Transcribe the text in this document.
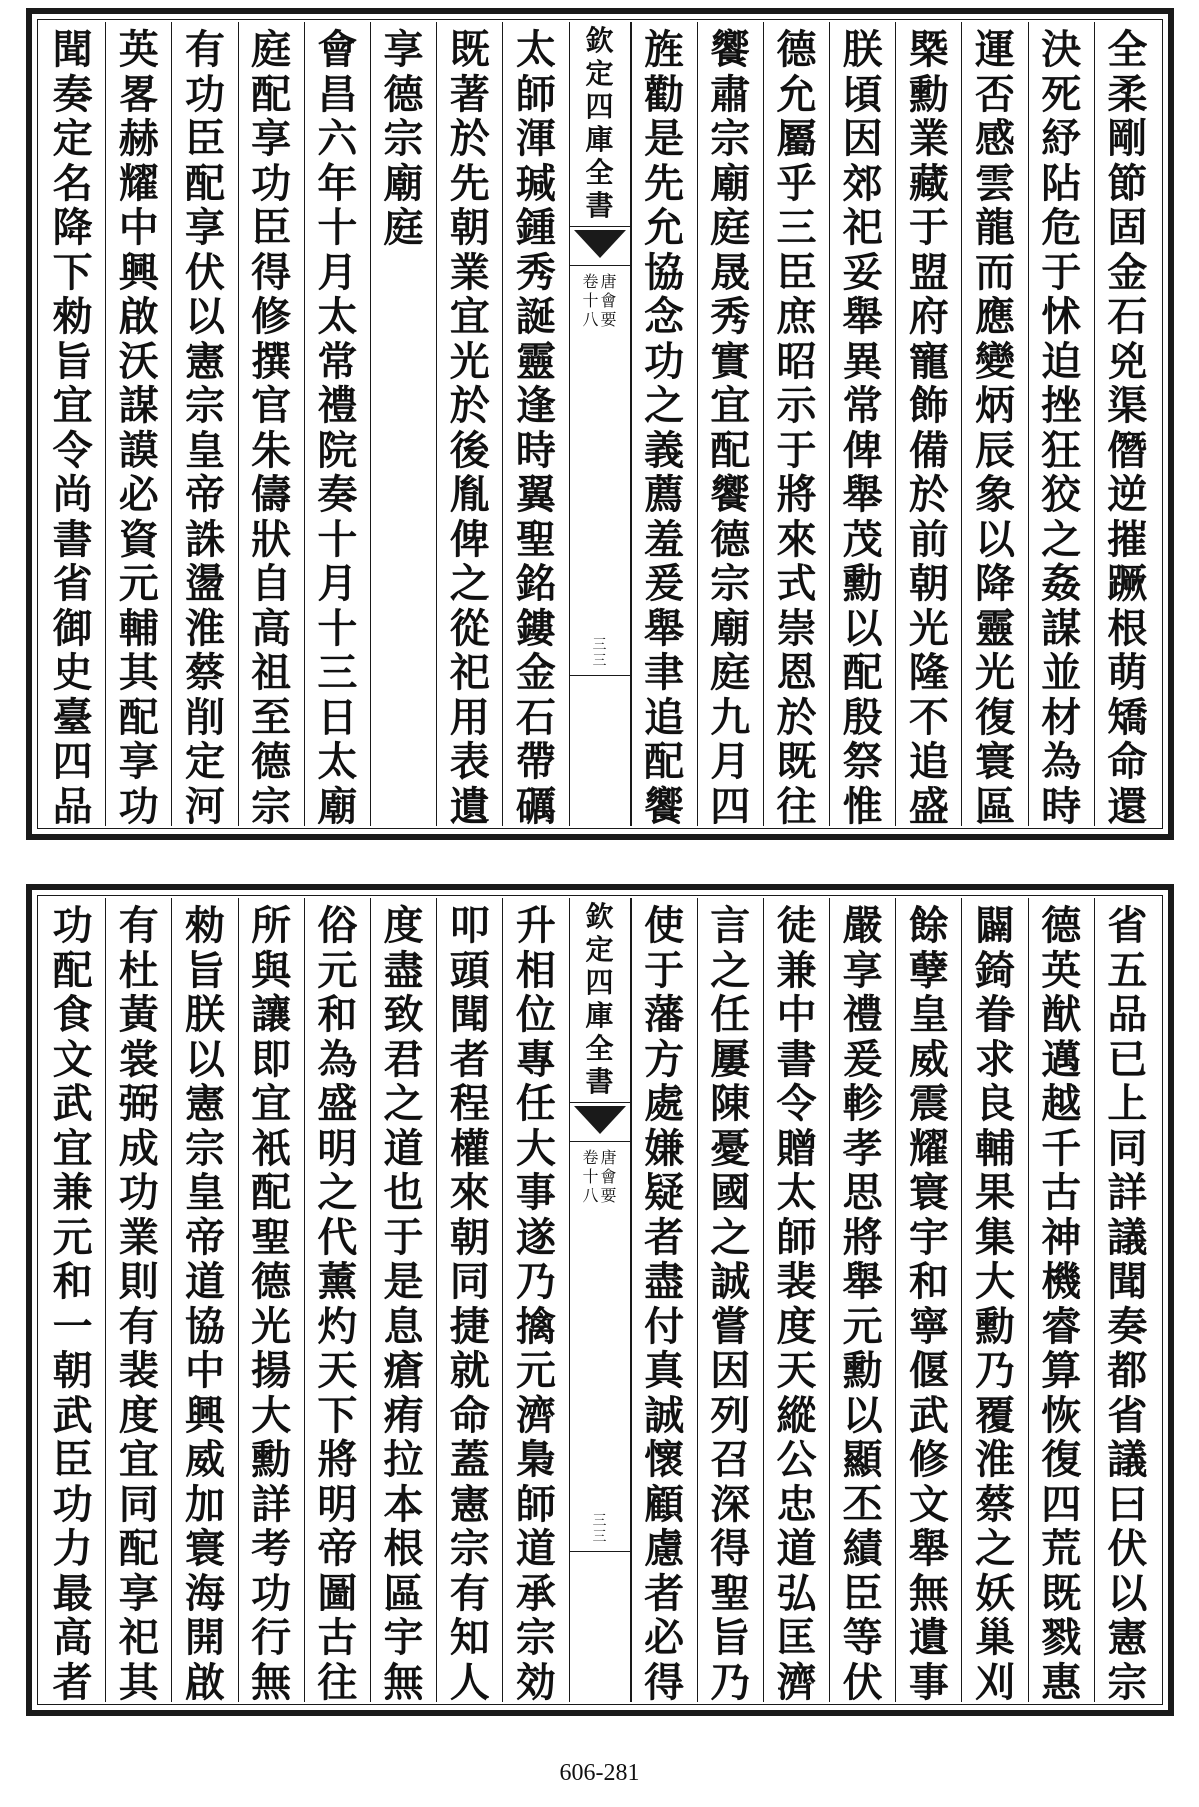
全
柔
剛
節
固
金
石
兇
渠
僭
逆
摧
蹶
根
萌
矯
命
還
決
死
紓
阽
危
于
怵
迫
挫
狂
狡
之
姦
謀
並
材
為
時
運
否
感
雲
龍
而
應
變
炳
辰
象
以
降
靈
光
復
寰
區
槩
勳
業
藏
于
盟
府
寵
飾
備
於
前
朝
光
隆
不
追
盛
朕
頃
因
郊
祀
妥
舉
異
常
俾
舉
茂
勳
以
配
殷
祭
惟
德
允
屬
乎
三
臣
庶
昭
示
于
將
來
式
崇
恩
於
既
往
饗
肅
宗
廟
庭
晟
秀
實
宜
配
饗
德
宗
廟
庭
九
月
四
旌
勸
是
先
允
協
念
功
之
義
薦
羞
爰
舉
聿
追
配
饗
欽
定
四
庫
全
書
唐
會
要
卷
十
八
三
三
太
師
渾
瑊
鍾
秀
誕
靈
逢
時
翼
聖
銘
鏤
金
石
帶
礪
既
著
於
先
朝
業
宜
光
於
後
胤
俾
之
從
祀
用
表
遺
享
德
宗
廟
庭
會
昌
六
年
十
月
太
常
禮
院
奏
十
月
十
三
日
太
廟
庭
配
享
功
臣
得
修
撰
官
朱
儔
狀
自
高
祖
至
德
宗
有
功
臣
配
享
伏
以
憲
宗
皇
帝
誅
盪
淮
蔡
削
定
河
英
畧
赫
耀
中
興
啟
沃
謀
謨
必
資
元
輔
其
配
享
功
聞
奏
定
名
降
下
勑
旨
宜
令
尚
書
省
御
史
臺
四
品
省
五
品
已
上
同
詳
議
聞
奏
都
省
議
曰
伏
以
憲
宗
德
英
猷
邁
越
千
古
神
機
睿
算
恢
復
四
荒
既
戮
惠
闢
錡
眷
求
良
輔
果
集
大
勳
乃
覆
淮
蔡
之
妖
巢
刈
餘
孽
皇
威
震
耀
寰
宇
和
寧
偃
武
修
文
舉
無
遺
事
嚴
享
禮
爰
軫
孝
思
將
舉
元
勳
以
顯
丕
績
臣
等
伏
徒
兼
中
書
令
贈
太
師
裴
度
天
縱
公
忠
道
弘
匡
濟
言
之
任
屢
陳
憂
國
之
誠
嘗
因
列
召
深
得
聖
旨
乃
使
于
藩
方
處
嫌
疑
者
盡
付
真
誠
懷
顧
慮
者
必
得
欽
定
四
庫
全
書
唐
會
要
卷
十
八
三
三
升
相
位
專
任
大
事
遂
乃
擒
元
濟
梟
師
道
承
宗
効
叩
頭
聞
者
程
權
來
朝
同
捷
就
命
蓋
憲
宗
有
知
人
度
盡
致
君
之
道
也
于
是
息
瘡
痏
拉
本
根
區
宇
無
俗
元
和
為
盛
明
之
代
薰
灼
天
下
將
明
帝
圖
古
往
所
與
讓
即
宜
衹
配
聖
德
光
揚
大
勳
詳
考
功
行
無
勑
旨
朕
以
憲
宗
皇
帝
道
協
中
興
威
加
寰
海
開
啟
有
杜
黃
裳
弼
成
功
業
則
有
裴
度
宜
同
配
享
祀
其
功
配
食
文
武
宜
兼
元
和
一
朝
武
臣
功
力
最
高
者
606-281
